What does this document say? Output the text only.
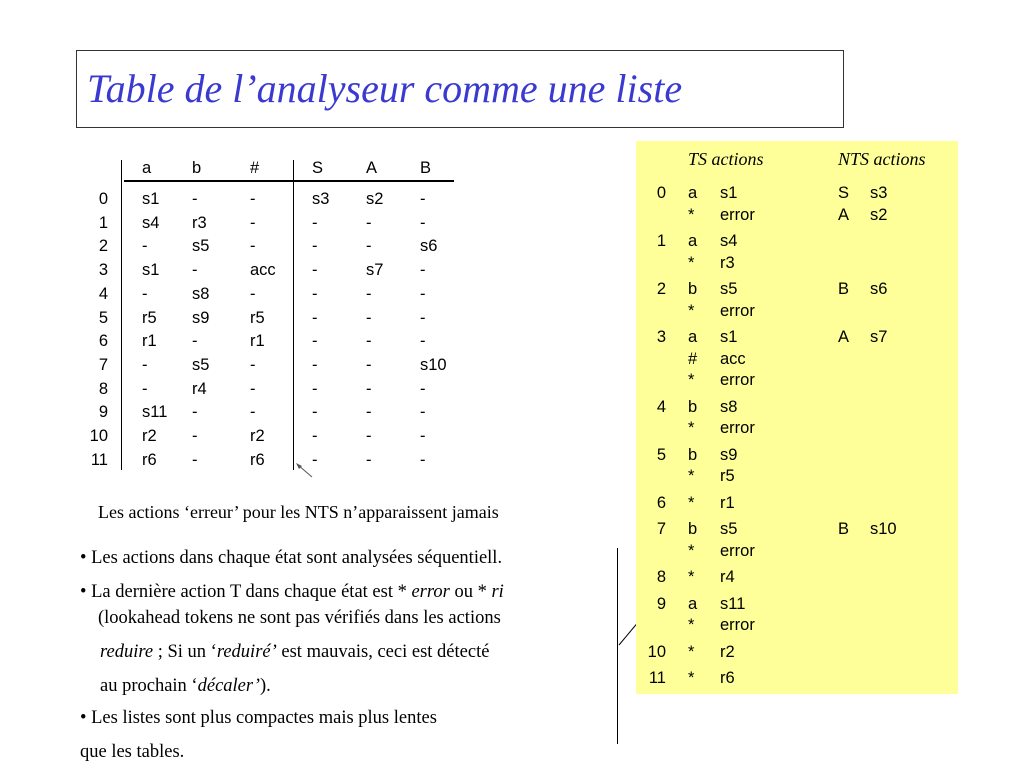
Table de l’analyseur comme une liste
a b	#	S	A	B
0 s1 -	-	s3 s2 -
1 s4 r3	-	-	-	-
2 -	s5 -	-	-	s6
3 s1 -	acc -	s7 -
4 -	s8 -	-	-	-
5 r5 s9 r5	-	-	-
6 r1 -	r1	-	-	-
7 -	s5 -	-	-	s10
8 -	r4	-	-	-	-
9 s11 -	-	-	-	-
10 r2 -	r2	-	-	-
11 r6 -	r6	-	-	-
Les actions ‘erreur’ pour les NTS n’apparaissent jamais
• Les actions dans chaque état sont analysées séquentiell.
• La dernière action T dans chaque état est * error ou * ri
(lookahead tokens ne sont pas vérifiés dans les actions
reduire ; Si un ‘reduiré’ est mauvais, ceci est détecté
au prochain ‘décaler’).
• Les listes sont plus compactes mais plus lentes
que les tables.
TS actions	NTS actions
0 a s1	S s3
* error	A s2
1 a s4
* r3
2 b s5	B s6
* error
3 a s1	A s7
# acc
* error
4 b s8
* error
5 b s9
* r5
6 * r1
7 b s5	B s10
* error
8 * r4
9 a s11
* error
10 * r2
11 * r6
